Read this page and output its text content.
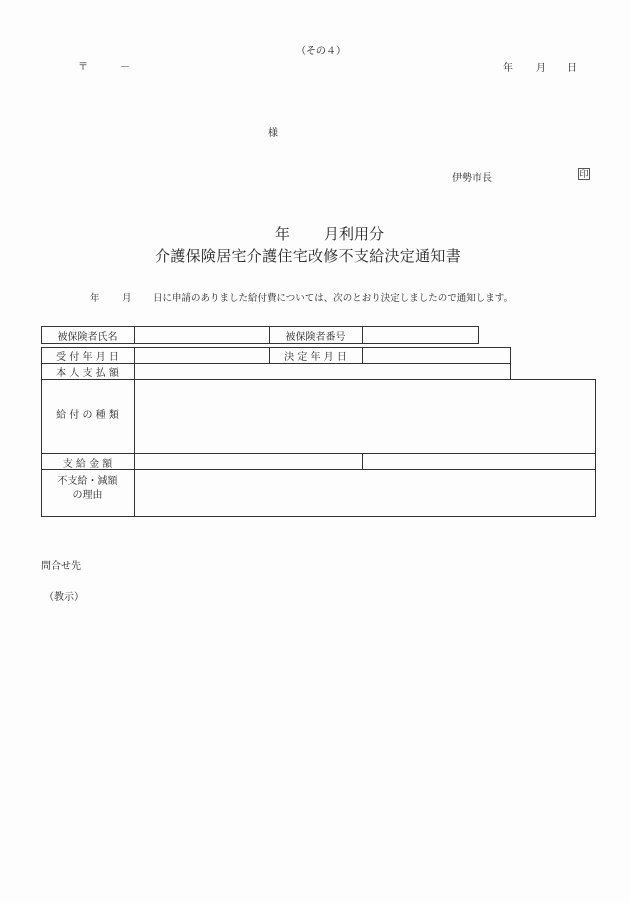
（その４）
〒	－	年 月 日
様
伊勢市長	印
年 月利用分
介護保険居宅介護住宅改修不支給決定通知書
年 月 日に申請のありました給付費については、次のとおり決定しましたので通知します。
被保険者氏名	被保険者番号
受 付 年 月 日	決 定 年 月 日
本 人 支 払 額
給 付 の 種 類
支 給 金 額
不支給・減額
の理由
問合せ先
（教示）
